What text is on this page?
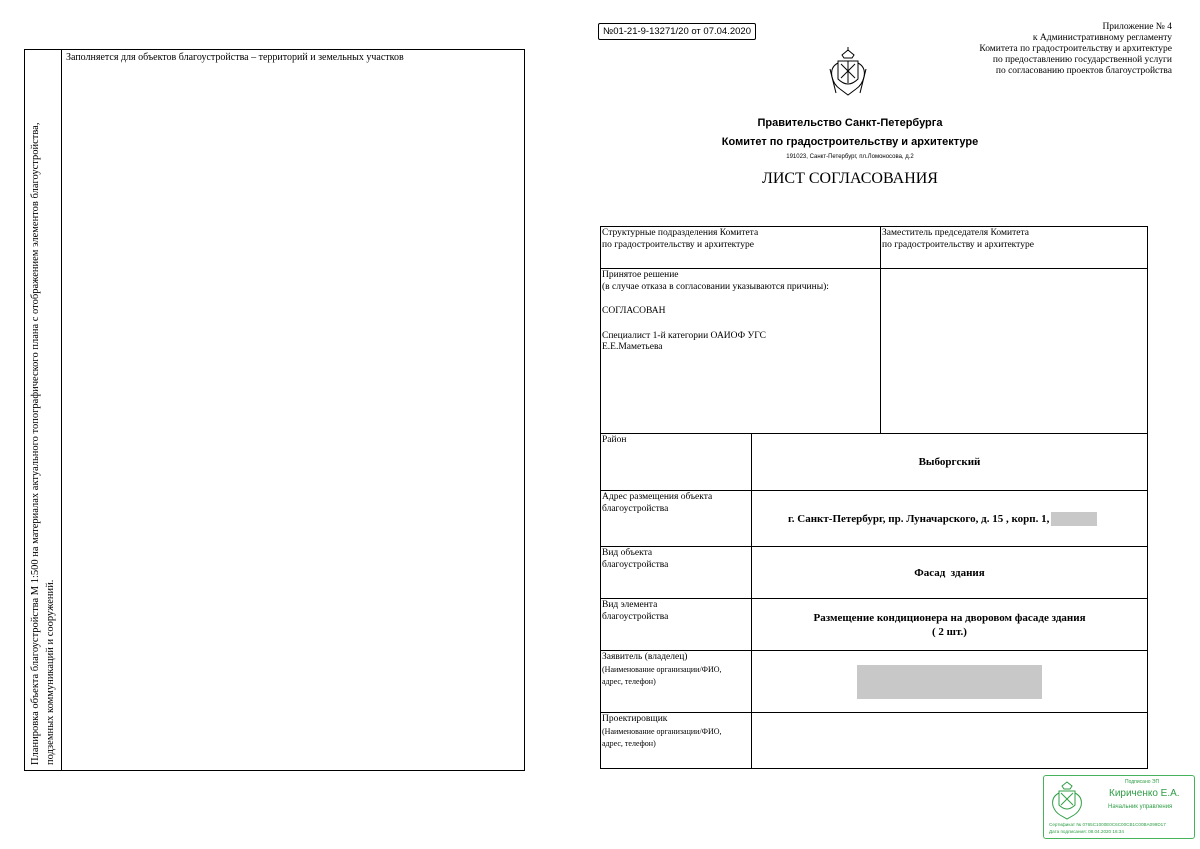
Заполняется для объектов благоустройства – территорий и земельных участков
Планировка объекта благоустройства М 1:500 на материалах актуального топографического плана с отображением элементов благоустройства, подземных коммуникаций и сооружений.
№01-21-9-13271/20 от 07.04.2020	Приложение № 4
к Административному регламенту
Комитета по градостроительству и архитектуре
по предоставлению государственной услуги
по согласованию проектов благоустройства
Правительство Санкт-Петербурга
Комитет по градостроительству и архитектуре
191023, Санкт-Петербург, пл.Ломоносова, д.2
ЛИСТ СОГЛАСОВАНИЯ
Структурные подразделения Комитета
по градостроительству и архитектуре
Заместитель председателя Комитета
по градостроительству и архитектуре
Принятое решение
(в случае отказа в согласовании указываются причины):
СОГЛАСОВАН
Специалист 1-й категории ОАИОФ УГС
Е.Е.Маметьева
Район
Выборгский
Адрес размещения объекта
благоустройства
г. Санкт-Петербург, пр. Луначарского, д. 15 , корп. 1,
Вид объекта
благоустройства
Фасад  здания
Вид элемента
благоустройства	Размещение кондиционера на дворовом фасаде здания
( 2 шт.)
Заявитель (владелец)
(Наименование организации/ФИО,
адрес, телефон)
Проектировщик
(Наименование организации/ФИО,
адрес, телефон)
Подписано ЭП
Кириченко Е.А.
Начальник управления
Сертификат № 0765C1000E0C6C00CB1C00BA099D17
Дата подписания: 08.04.2020 16:34
